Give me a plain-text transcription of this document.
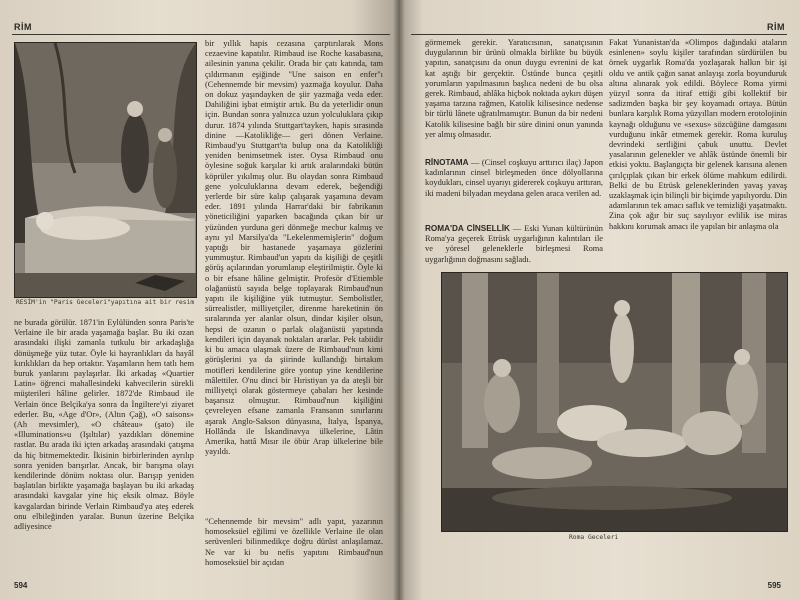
RİM
RESİM'in "Paris Geceleri"yapıtına ait bir resim

ne burada görülür. 1871'in Eylülünden sonra Paris'te Verlaine ile bir arada yaşamağa başlar. Bu iki ozan arasındaki ilişki zamanla tutkulu bir arkadaşlığa dönüşmeğe yüz tutar. Öyle ki hayranlıkları da hayâl kırıklıkları da hep ortaktır. Yaşamların hem tatlı hem buruk yanlarını paylaşırlar. İki arkadaş «Quartier Latin» öğrenci mahallesindeki kahvecilerin sürekli müşterileri hâline gelirler. 1872'de Rimbaud ile Verlain önce Belçika'ya sonra da İngiltere'yi ziyaret ederler. Bu, «Age d'Or», (Altın Çağ), «O saisons» (Ah mevsimler), «O château» (şato) ile «Illuminations»u (Işıltılar) yazdıkları dönemine rastlar. Bu arada iki içten arkadaş arasındaki çatışma da hiç bitmemektedir. İkisinin birbirlerinden ayrılıp sonra yeniden barışırlar. Ancak, bir barışma olayı kendilerinde dönüm noktası olur. Barışıp yeniden başlatılan birlikte yaşamağa başlayan bu iki arkadaş arasındaki kavgalar yine hiç eksik olmaz. Böyle kavgalardan birinde Verlain Rimbaud'ya ateş ederek onu elbileğinden yaralar. Bunun üzerine Belçika adliyesince

bir yıllık hapis cezasına çarptırılarak Mons cezaevine kapatılır. Rimbaud ise Roche kasabasına, ailesinin yanına çekilir. Orada bir çatı katında, tam çıldırmanın eşiğinde "Une saison en enfer"ı (Cehennemde bir mevsim) yazmağa koyulur. Daha on dokuz yaşındayken de şiir yazmağa veda eder. Dahiliğini işbat etmiştir artık. Bu da yeterlidir onun için. Bundan sonra yalnızca uzun yolculuklara çıkıp durur. 1874 yılında Stuttgart'tayken, hapis sırasında dinine —Katolikliğe— geri dönen Verlaine. Rimbaud'yu Stuttgart'ta bulup ona da Katolikliği yeniden benimsetmek ister. Oysa Rimbaud onu öylesine soğuk karşılar ki artık aralarındaki bütün köprüler yıkılmış olur. Bu olaydan sonra Rimbaud gene yolculuklarına devam ederek, beğendiği yerlerde bir süre kalıp çalışarak yaşamına devam eder. 1891 yılında Harrar'daki bir fabrikanın yöneticiliğini yaparken bacağında çıkan bir ur yüzünden yurduna geri dönmeğe mecbur kalmış ve aynı yıl Marsilya'da "Lekelenmemişlerin" doğum yaptığı bir hastanede yaşamaya gözlerini yummuştur. Rimbaud'un yapıtı da kişiliği de çeşitli görüş açılarından yorumlanıp eleştirilmiştir. Öyle ki o bir efsane hâline gelmiştir. Profesör d'Etiemble olağanüstü sayıda belge toplayarak Rimbaud'nun yapıtı ile kişiliğine yük tutmuştur. Sembolistler, sürrealistler, milliyetçiler, direnme hareketinin ön sıralarında yer alanlar olsun, dindar kişiler olsun, hepsi de ozanın o parlak olağanüstü yapıtında kendileri için dayanak noktaları ararlar. Pek tabiidir ki bu amaca ulaşmak üzere de Rimbaud'nun kimi görüşlerini ya da şiirinde kullandığı birtakım motifleri kendilerine göre yontup yine kendilerine mâlettiler. O'nu dinci bir Hıristiyan ya da ateşli bir milliyetçi olarak göstermeye çabaları her kesinde başarısız olmuştur. Rimbaud'nun kişiliğini çevreleyen efsane zamanla Fransanın sınırlarını aşarak Anglo-Sakson dünyasına, İtalya, İspanya, Hollânda ile İskandinavya ülkelerine, Lâtin Amerika, hattâ Mısır ile öbür Arap ülkelerine bile yayıldı.

"Cehennemde bir mevsim" adlı yapıt, yazarının homoseksüel eğilimi ve özellikle Verlaine ile olan serüvenleri bilinmedikçe doğru dürüst anlaşılamaz. Ne var ki bu nefis yapıtını Rimbaud'nun homoseksüel bir açıdan

594
RİM

görmemek gerekir. Yaratıcısının, sanatçısının duygularının bir ürünü olmakla birlikte bu büyük yapıtın, sanatçısını da onun duygu evrenini de kat kat aştığı bir gerçektir. Üstünde bunca çeşitli yorumların yapılmasının başlıca nedeni de bu olsa gerek. Rimbaud, ahlâka hiçbok noktada aykırı düşen yaşama tarzına rağmen, Katolik kilisesince nedense bir türlü lânete uğratılmamıştır. Bunun da bir nedeni Katolik kilisesine bağlı bir süre dinini onun yanında yer almış olmasıdır.

RİNOTAMA — (Cinsel coşkuyu arttırıcı ilaç) Japon kadınlarının cinsel birleşmeden önce dölyollarına koydukları, cinsel uyarıyı gidererek coşkuyu arttıran, iki madeni bilyadan meydana gelen araca verilen ad.

ROMA'DA CİNSELLİK — Eski Yunan kültürünün Roma'ya geçerek Etrüsk uygarlığının kalıntıları ile ve yöresel geleneklerle birleşmesi Roma uygarlığının doğmasını sağladı.

Fakat Yunanistan'da «Olimpos dağındaki ataların esinlenen» soylu kişiler tarafından sürdürülen bu örnek uygarlık Roma'da yozlaşarak halkın bir işi oldu ve antik çağın sanat anlayışı zorla boyunduruk altına alınarak yok edildi. Böylece Roma yirmi yüzyıl sonra da itiraf ettiği gibi kollektif bir sadizmden başka bir şey koyamadı ortaya. Bütün bunlara karşılık Roma yüzyılları modern erotolojinin kaynağı olduğunu ve «sexus» sözcüğüne damgasını vurduğunu inkâr etmemek gerekir. Roma kuruluş devrindeki sertliğini çabuk unuttu. Devlet yasalarının gelenekler ve ahlâk üstünde önemli bir etkisi yoktu. Başlangıçta bir gelenek karısına alenen çırılçıplak çıkan bir erkek ölüme mahkum edilirdi. Belki de bu Etrüsk geleneklerinden yavaş yavaş uzaklaşmak için bilinçli bir biçimde yapılıyordu. Din adamlarının tek amacı saflık ve temizliği yaşatmaktı. Zina çok ağır bir suç sayılıyor evlilik ise miras hakkını korumak amacı ile yapılan bir anlaşma ola

Roma Geceleri
595
